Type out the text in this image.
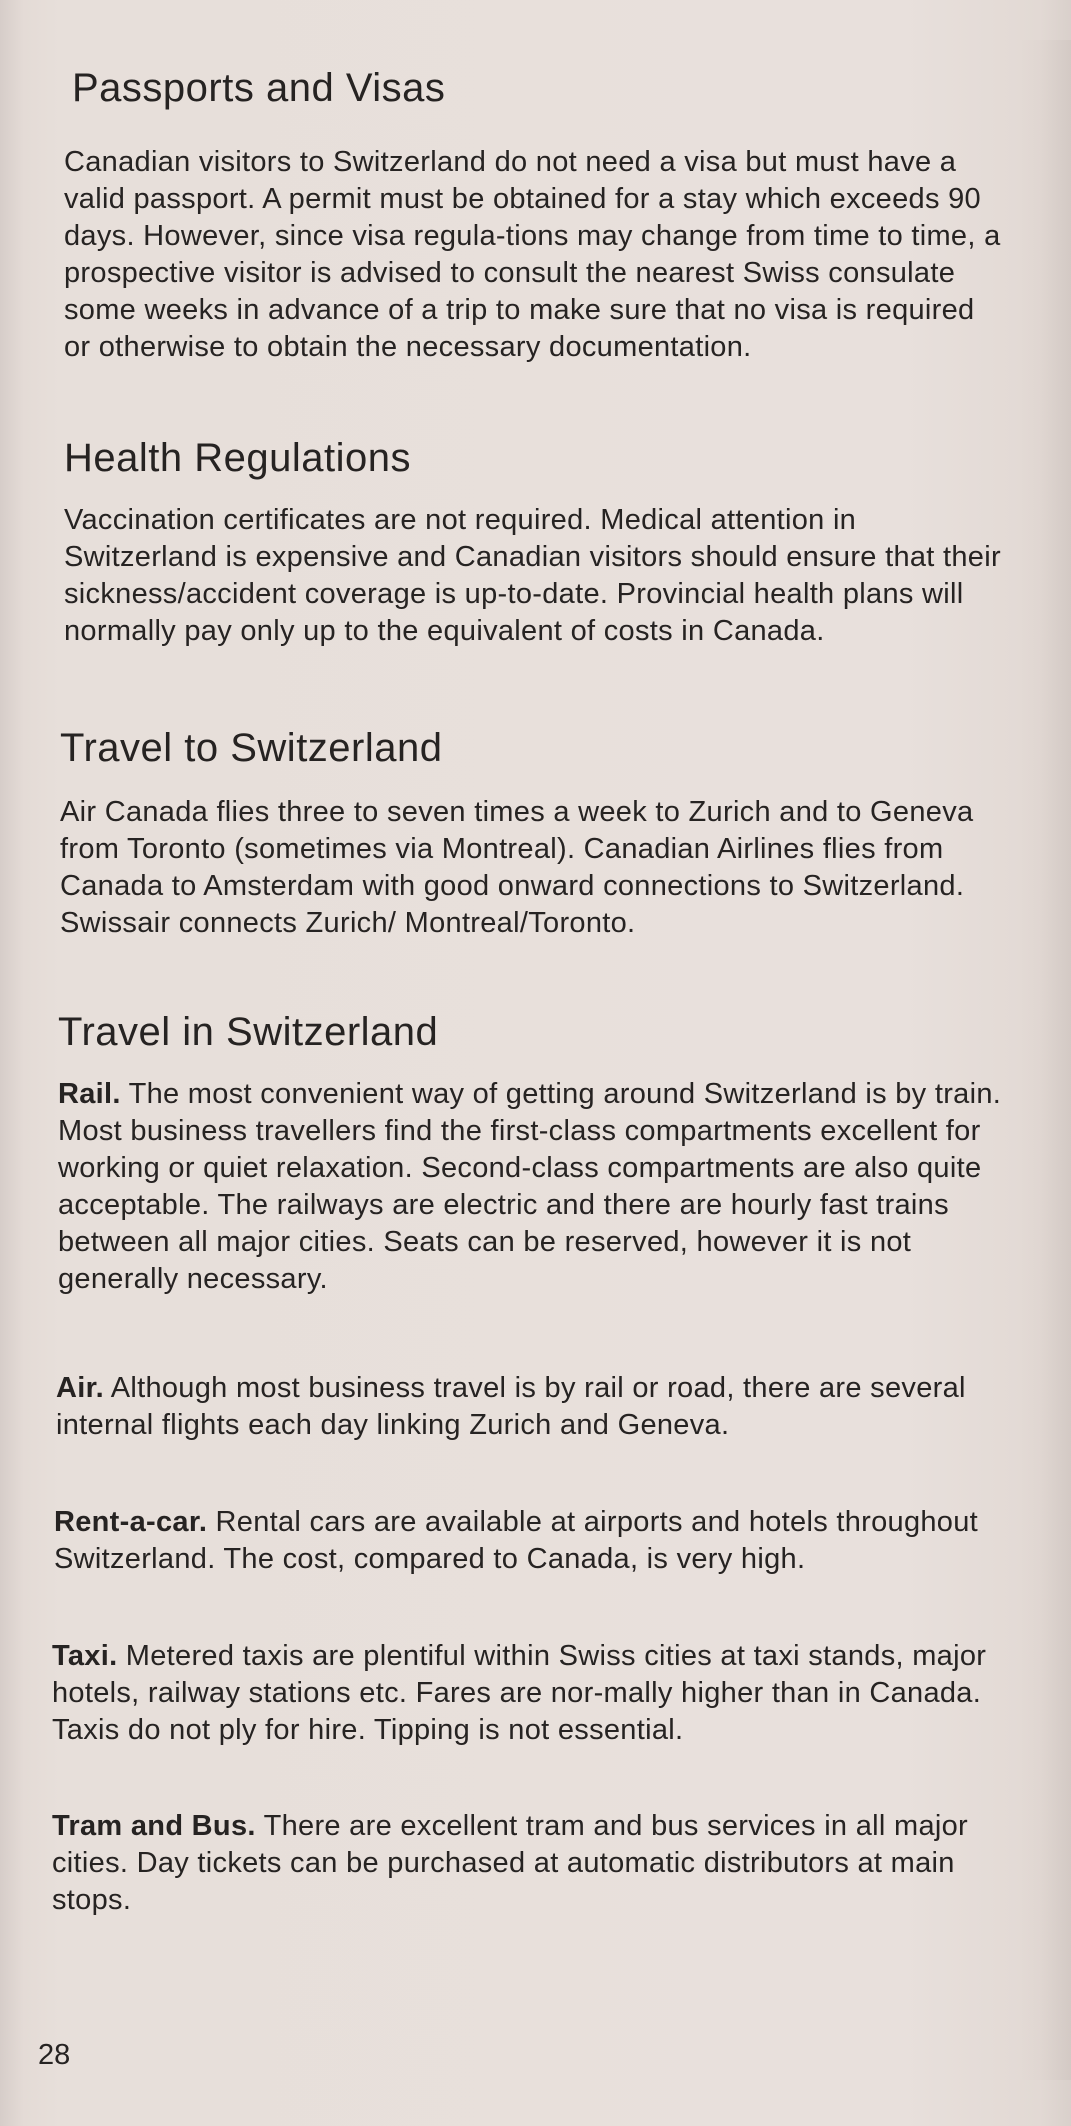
Passports and Visas

Canadian visitors to Switzerland do not need a visa but must have a valid passport. A permit must be obtained for a stay which exceeds 90 days. However, since visa regula-tions may change from time to time, a prospective visitor is advised to consult the nearest Swiss consulate some weeks in advance of a trip to make sure that no visa is required or otherwise to obtain the necessary documentation.

Health Regulations

Vaccination certificates are not required. Medical attention in Switzerland is expensive and Canadian visitors should ensure that their sickness/accident coverage is up-to-date. Provincial health plans will normally pay only up to the equivalent of costs in Canada.

Travel to Switzerland

Air Canada flies three to seven times a week to Zurich and to Geneva from Toronto (sometimes via Montreal). Canadian Airlines flies from Canada to Amsterdam with good onward connections to Switzerland. Swissair connects Zurich/ Montreal/Toronto.

Travel in Switzerland

Rail. The most convenient way of getting around Switzerland is by train. Most business travellers find the first-class compartments excellent for working or quiet relaxation. Second-class compartments are also quite acceptable. The railways are electric and there are hourly fast trains between all major cities. Seats can be reserved, however it is not generally necessary.

Air. Although most business travel is by rail or road, there are several internal flights each day linking Zurich and Geneva.

Rent-a-car. Rental cars are available at airports and hotels throughout Switzerland. The cost, compared to Canada, is very high.

Taxi. Metered taxis are plentiful within Swiss cities at taxi stands, major hotels, railway stations etc. Fares are nor-mally higher than in Canada. Taxis do not ply for hire. Tipping is not essential.

Tram and Bus. There are excellent tram and bus services in all major cities. Day tickets can be purchased at automatic distributors at main stops.

28
